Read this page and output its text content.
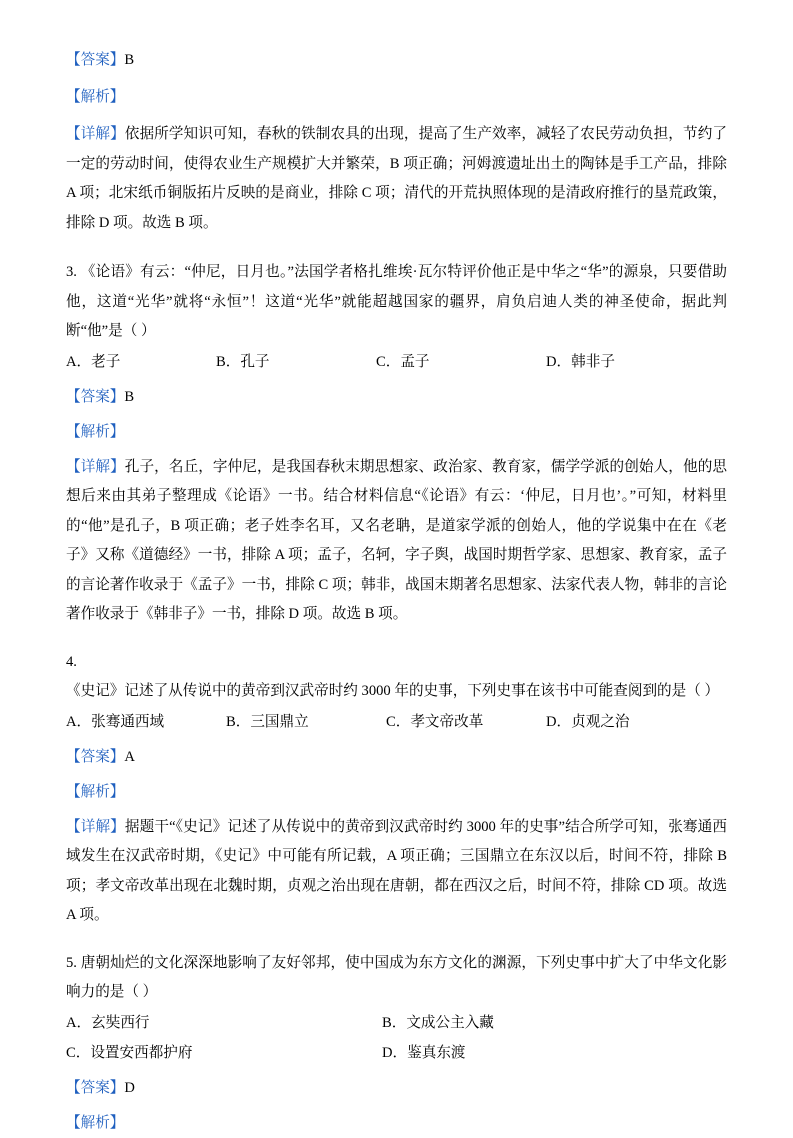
【答案】B
【解析】
【详解】依据所学知识可知，春秋的铁制农具的出现，提高了生产效率，减轻了农民劳动负担，节约了一定的劳动时间，使得农业生产规模扩大并繁荣，B 项正确；河姆渡遗址出土的陶钵是手工产品，排除 A 项；北宋纸币铜版拓片反映的是商业，排除 C 项；清代的开荒执照体现的是清政府推行的垦荒政策，排除 D 项。故选 B 项。
3. 《论语》有云：“仲尼，日月也。”法国学者格扎维埃·瓦尔特评价他正是中华之“华”的源泉，只要借助他，这道“光华”就将“永恒”！这道“光华”就能超越国家的疆界，肩负启迪人类的神圣使命，据此判断“他”是（ ）
A．老子	B．孔子	C．孟子	D．韩非子
【答案】B
【解析】
【详解】孔子，名丘，字仲尼，是我国春秋末期思想家、政治家、教育家，儒学学派的创始人，他的思想后来由其弟子整理成《论语》一书。结合材料信息“《论语》有云：‘仲尼，日月也’。”可知，材料里的“他”是孔子，B 项正确；老子姓李名耳，又名老聃，是道家学派的创始人，他的学说集中在在《老子》又称《道德经》一书，排除 A 项；孟子，名轲，字子舆，战国时期哲学家、思想家、教育家，孟子的言论著作收录于《孟子》一书，排除 C 项；韩非，战国末期著名思想家、法家代表人物，韩非的言论著作收录于《韩非子》一书，排除 D 项。故选 B 项。
4. 《史记》记述了从传说中的黄帝到汉武帝时约 3000 年的史事，下列史事在该书中可能查阅到的是（ ）
A．张骞通西域	B．三国鼎立	C．孝文帝改革	D．贞观之治
【答案】A
【解析】
【详解】据题干“《史记》记述了从传说中的黄帝到汉武帝时约 3000 年的史事”结合所学可知，张骞通西域发生在汉武帝时期，《史记》中可能有所记载，A 项正确；三国鼎立在东汉以后，时间不符，排除 B 项；孝文帝改革出现在北魏时期，贞观之治出现在唐朝，都在西汉之后，时间不符，排除 CD 项。故选 A 项。
5. 唐朝灿烂的文化深深地影响了友好邻邦，使中国成为东方文化的渊源，下列史事中扩大了中华文化影响力的是（ ）
A．玄奘西行	B．文成公主入藏
C．设置安西都护府	D．鉴真东渡
【答案】D
【解析】
